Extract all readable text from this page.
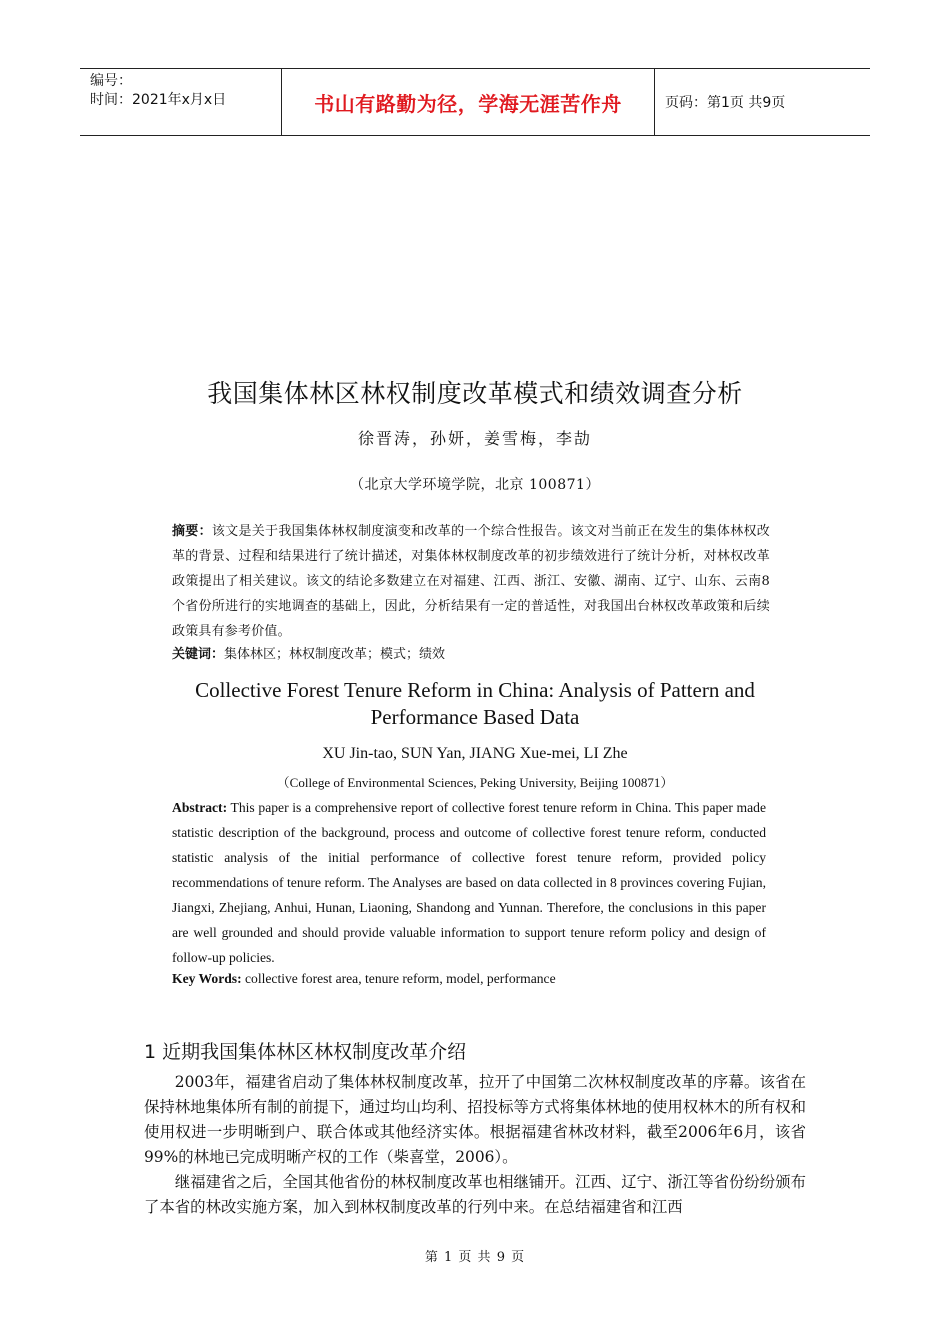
编号：
时间：2021年x月x日	书山有路勤为径，学海无涯苦作舟	页码：第1页 共9页
我国集体林区林权制度改革模式和绩效调查分析
徐晋涛，孙妍，姜雪梅，李劼
（北京大学环境学院，北京 100871）
摘要：该文是关于我国集体林权制度演变和改革的一个综合性报告。该文对当前正在发生的集体林权改革的背景、过程和结果进行了统计描述，对集体林权制度改革的初步绩效进行了统计分析，对林权改革政策提出了相关建议。该文的结论多数建立在对福建、江西、浙江、安徽、湖南、辽宁、山东、云南8个省份所进行的实地调查的基础上，因此，分析结果有一定的普适性，对我国出台林权改革政策和后续政策具有参考价值。
关键词：集体林区；林权制度改革；模式；绩效
Collective Forest Tenure Reform in China: Analysis of Pattern and Performance Based Data
XU Jin-tao, SUN Yan, JIANG Xue-mei, LI Zhe
（College of Environmental Sciences, Peking University, Beijing 100871）

Abstract: This paper is a comprehensive report of collective forest tenure reform in China. This paper made statistic description of the background, process and outcome of collective forest tenure reform, conducted statistic analysis of the initial performance of collective forest tenure reform, provided policy recommendations of tenure reform. The Analyses are based on data collected in 8 provinces covering Fujian, Jiangxi, Zhejiang, Anhui, Hunan, Liaoning, Shandong and Yunnan. Therefore, the conclusions in this paper are well grounded and should provide valuable information to support tenure reform policy and design of follow-up policies.

Key Words: collective forest area, tenure reform, model, performance
1 近期我国集体林区林权制度改革介绍

2003年，福建省启动了集体林权制度改革，拉开了中国第二次林权制度改革的序幕。该省在保持林地集体所有制的前提下，通过均山均利、招投标等方式将集体林地的使用权林木的所有权和使用权进一步明晰到户、联合体或其他经济实体。根据福建省林改材料，截至2006年6月，该省99%的林地已完成明晰产权的工作（柴喜堂，2006）。

继福建省之后，全国其他省份的林权制度改革也相继铺开。江西、辽宁、浙江等省份纷纷颁布了本省的林改实施方案，加入到林权制度改革的行列中来。在总结福建省和江西

第 1 页 共 9 页
